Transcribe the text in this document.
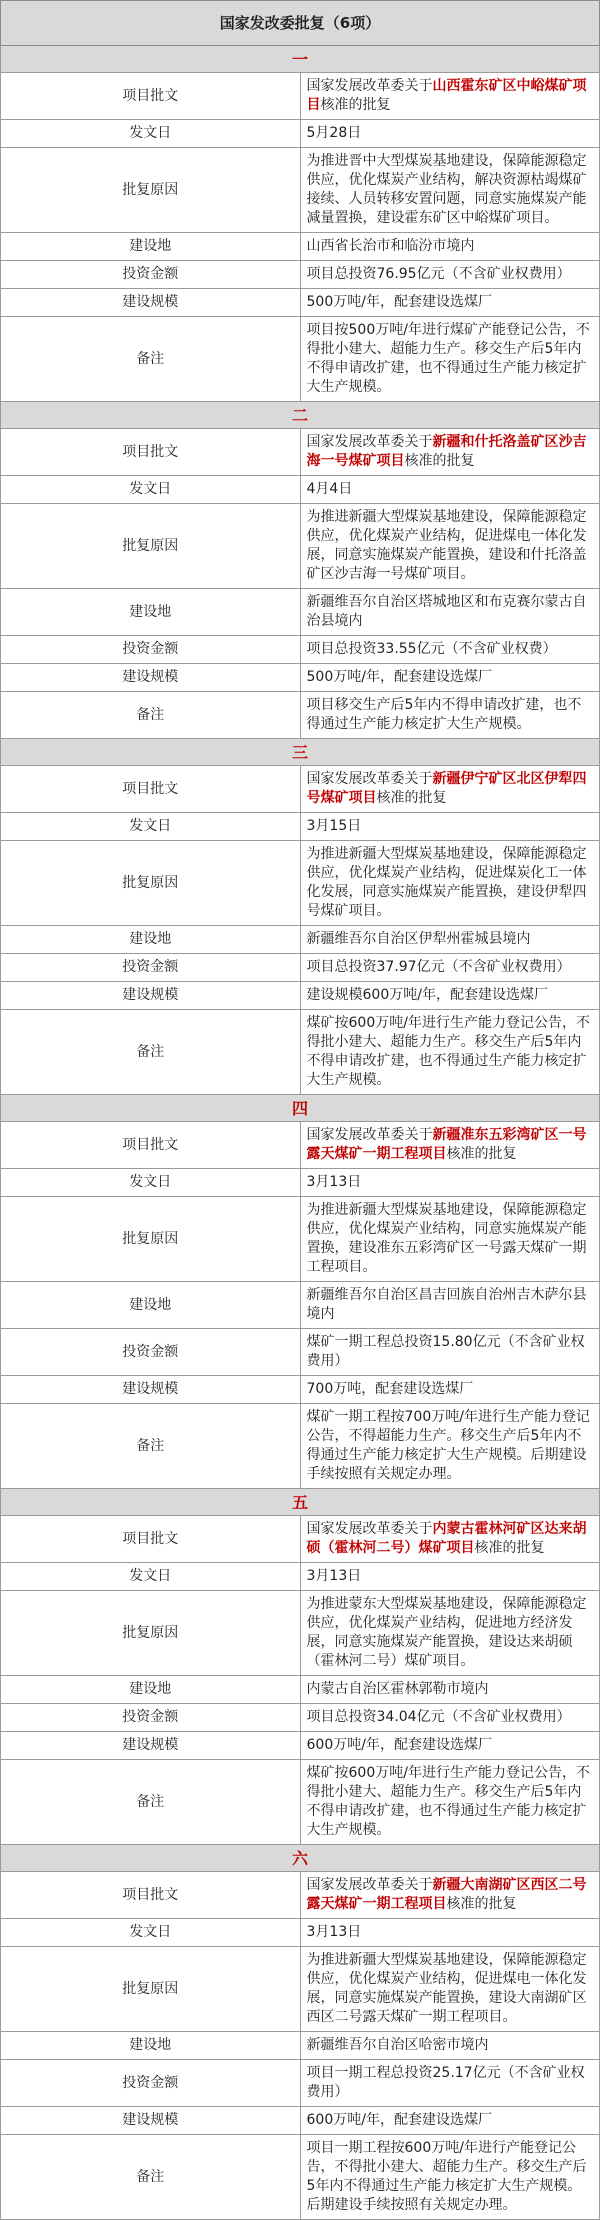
国家发改委批复（6项）	
一	
项目批文	国家发展改革委关于山西霍东矿区中峪煤矿项目核准的批复
发文日	5月28日
批复原因	为推进晋中大型煤炭基地建设，保障能源稳定供应，优化煤炭产业结构，解决资源枯竭煤矿接续、人员转移安置问题，同意实施煤炭产能减量置换，建设霍东矿区中峪煤矿项目。
建设地	山西省长治市和临汾市境内
投资金额	项目总投资76.95亿元（不含矿业权费用）
建设规模	500万吨/年，配套建设选煤厂
备注	项目按500万吨/年进行煤矿产能登记公告，不得批小建大、超能力生产。移交生产后5年内不得申请改扩建，也不得通过生产能力核定扩大生产规模。
二	
项目批文	国家发展改革委关于新疆和什托洛盖矿区沙吉海一号煤矿项目核准的批复
发文日	4月4日
批复原因	为推进新疆大型煤炭基地建设，保障能源稳定供应，优化煤炭产业结构，促进煤电一体化发展，同意实施煤炭产能置换，建设和什托洛盖矿区沙吉海一号煤矿项目。
建设地	新疆维吾尔自治区塔城地区和布克赛尔蒙古自治县境内
投资金额	项目总投资33.55亿元（不含矿业权费）
建设规模	500万吨/年，配套建设选煤厂
备注	项目移交生产后5年内不得申请改扩建，也不得通过生产能力核定扩大生产规模。
三	
项目批文	国家发展改革委关于新疆伊宁矿区北区伊犁四号煤矿项目核准的批复
发文日	3月15日
批复原因	为推进新疆大型煤炭基地建设，保障能源稳定供应，优化煤炭产业结构，促进煤炭化工一体化发展，同意实施煤炭产能置换，建设伊犁四号煤矿项目。
建设地	新疆维吾尔自治区伊犁州霍城县境内
投资金额	项目总投资37.97亿元（不含矿业权费用）
建设规模	建设规模600万吨/年，配套建设选煤厂
备注	煤矿按600万吨/年进行生产能力登记公告，不得批小建大、超能力生产。移交生产后5年内不得申请改扩建，也不得通过生产能力核定扩大生产规模。
四	
项目批文	国家发展改革委关于新疆准东五彩湾矿区一号露天煤矿一期工程项目核准的批复
发文日	3月13日
批复原因	为推进新疆大型煤炭基地建设，保障能源稳定供应，优化煤炭产业结构，同意实施煤炭产能置换，建设准东五彩湾矿区一号露天煤矿一期工程项目。
建设地	新疆维吾尔自治区昌吉回族自治州吉木萨尔县境内
投资金额	煤矿一期工程总投资15.80亿元（不含矿业权费用）
建设规模	700万吨，配套建设选煤厂
备注	煤矿一期工程按700万吨/年进行生产能力登记公告，不得超能力生产。移交生产后5年内不得通过生产能力核定扩大生产规模。后期建设手续按照有关规定办理。
五	
项目批文	国家发展改革委关于内蒙古霍林河矿区达来胡硕（霍林河二号）煤矿项目核准的批复
发文日	3月13日
批复原因	为推进蒙东大型煤炭基地建设，保障能源稳定供应，优化煤炭产业结构，促进地方经济发展，同意实施煤炭产能置换，建设达来胡硕（霍林河二号）煤矿项目。
建设地	内蒙古自治区霍林郭勒市境内
投资金额	项目总投资34.04亿元（不含矿业权费用）
建设规模	600万吨/年，配套建设选煤厂
备注	煤矿按600万吨/年进行生产能力登记公告，不得批小建大、超能力生产。移交生产后5年内不得申请改扩建，也不得通过生产能力核定扩大生产规模。
六	
项目批文	国家发展改革委关于新疆大南湖矿区西区二号露天煤矿一期工程项目核准的批复
发文日	3月13日
批复原因	为推进新疆大型煤炭基地建设，保障能源稳定供应，优化煤炭产业结构，促进煤电一体化发展，同意实施煤炭产能置换，建设大南湖矿区西区二号露天煤矿一期工程项目。
建设地	新疆维吾尔自治区哈密市境内
投资金额	项目一期工程总投资25.17亿元（不含矿业权费用）
建设规模	600万吨/年，配套建设选煤厂
备注	项目一期工程按600万吨/年进行产能登记公告，不得批小建大、超能力生产。移交生产后5年内不得通过生产能力核定扩大生产规模。后期建设手续按照有关规定办理。
